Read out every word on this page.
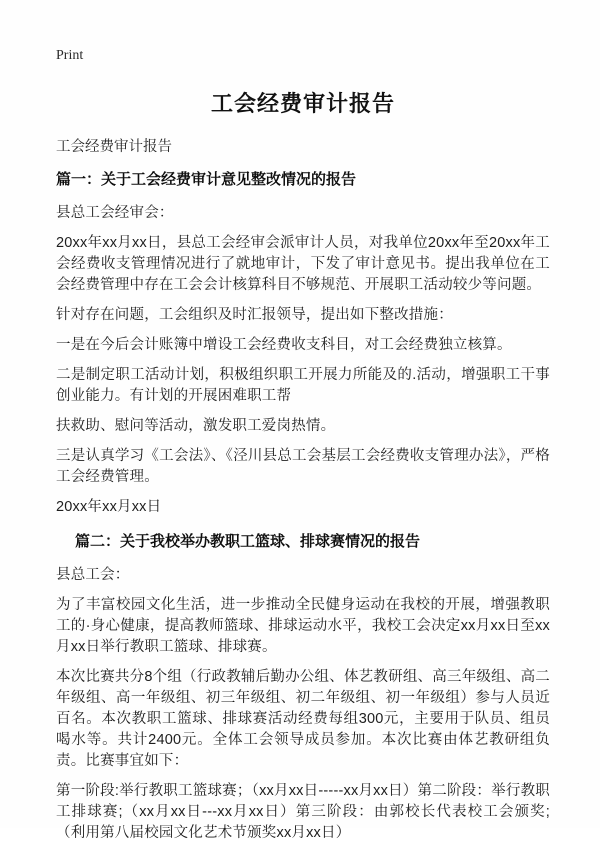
Print
工会经费审计报告
工会经费审计报告
篇一：关于工会经费审计意见整改情况的报告

县总工会经审会：

20xx年xx月xx日，县总工会经审会派审计人员，对我单位20xx年至20xx年工会经费收支管理情况进行了就地审计，下发了审计意见书。提出我单位在工会经费管理中存在工会会计核算科目不够规范、开展职工活动较少等问题。

针对存在问题，工会组织及时汇报领导，提出如下整改措施：

一是在今后会计账簿中增设工会经费收支科目，对工会经费独立核算。

二是制定职工活动计划，积极组织职工开展力所能及的.活动，增强职工干事创业能力。有计划的开展困难职工帮

扶救助、慰问等活动，激发职工爱岗热情。

三是认真学习《工会法》、《泾川县总工会基层工会经费收支管理办法》，严格工会经费管理。

20xx年xx月xx日

篇二：关于我校举办教职工篮球、排球赛情况的报告

县总工会：

为了丰富校园文化生活，进一步推动全民健身运动在我校的开展，增强教职工的·身心健康，提高教师篮球、排球运动水平，我校工会决定xx月xx日至xx月xx日举行教职工篮球、排球赛。

本次比赛共分8个组（行政教辅后勤办公组、体艺教研组、高三年级组、高二年级组、高一年级组、初三年级组、初二年级组、初一年级组）参与人员近百名。本次教职工篮球、排球赛活动经费每组300元，主要用于队员、组员喝水等。共计2400元。全体工会领导成员参加。本次比赛由体艺教研组负责。比赛事宜如下：

第一阶段:举行教职工篮球赛；（xx月xx日-----xx月xx日）第二阶段：举行教职工排球赛;（xx月xx日---xx月xx日）第三阶段：由郭校长代表校工会颁奖;（利用第八届校园文化艺术节颁奖xx月xx日）
